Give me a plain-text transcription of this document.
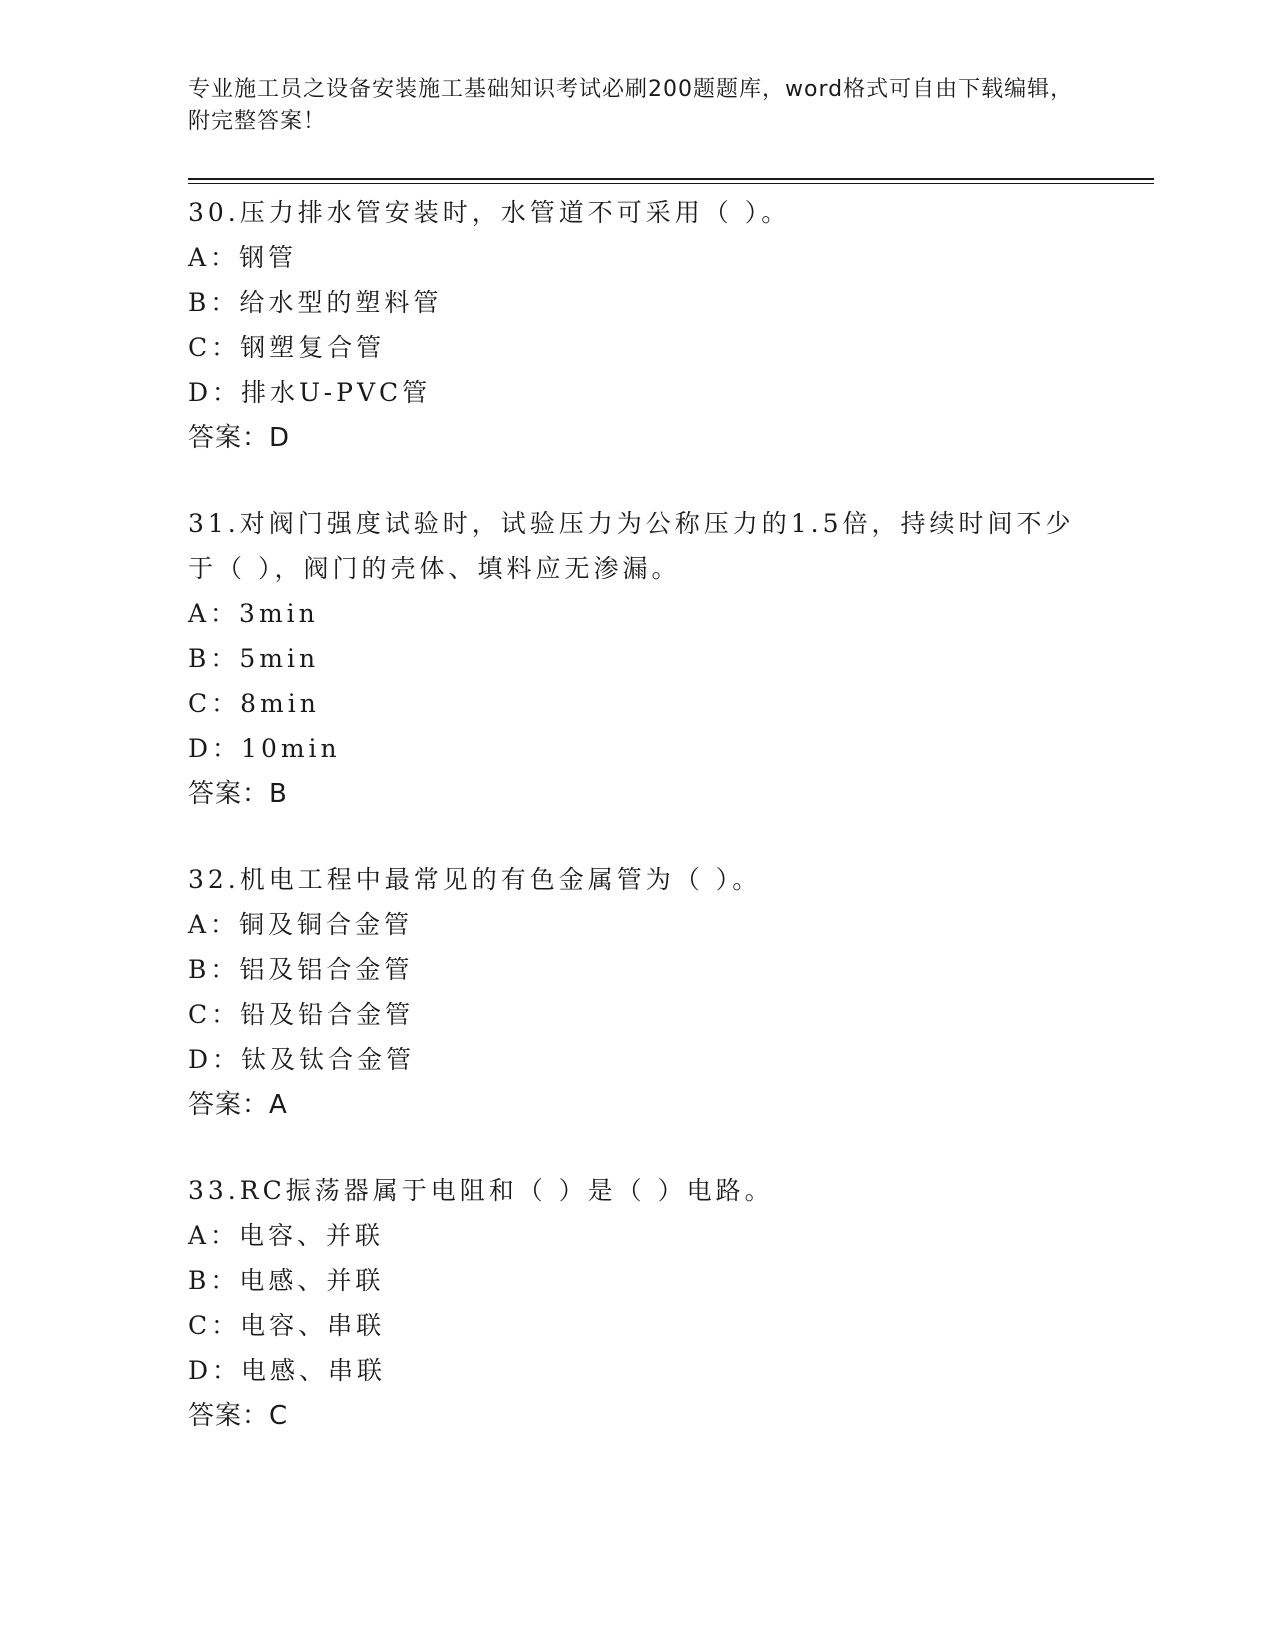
专业施工员之设备安装施工基础知识考试必刷200题题库，word格式可自由下载编辑，附完整答案！
30.压力排水管安装时，水管道不可采用（ ）。
A：钢管
B：给水型的塑料管
C：钢塑复合管
D：排水U-PVC管
答案：D
31.对阀门强度试验时，试验压力为公称压力的1.5倍，持续时间不少于（ ），阀门的壳体、填料应无渗漏。
A：3min
B：5min
C：8min
D：10min
答案：B
32.机电工程中最常见的有色金属管为（ ）。
A：铜及铜合金管
B：铝及铝合金管
C：铅及铅合金管
D：钛及钛合金管
答案：A
33.RC振荡器属于电阻和（ ）是（ ）电路。
A：电容、并联
B：电感、并联
C：电容、串联
D：电感、串联
答案：C
